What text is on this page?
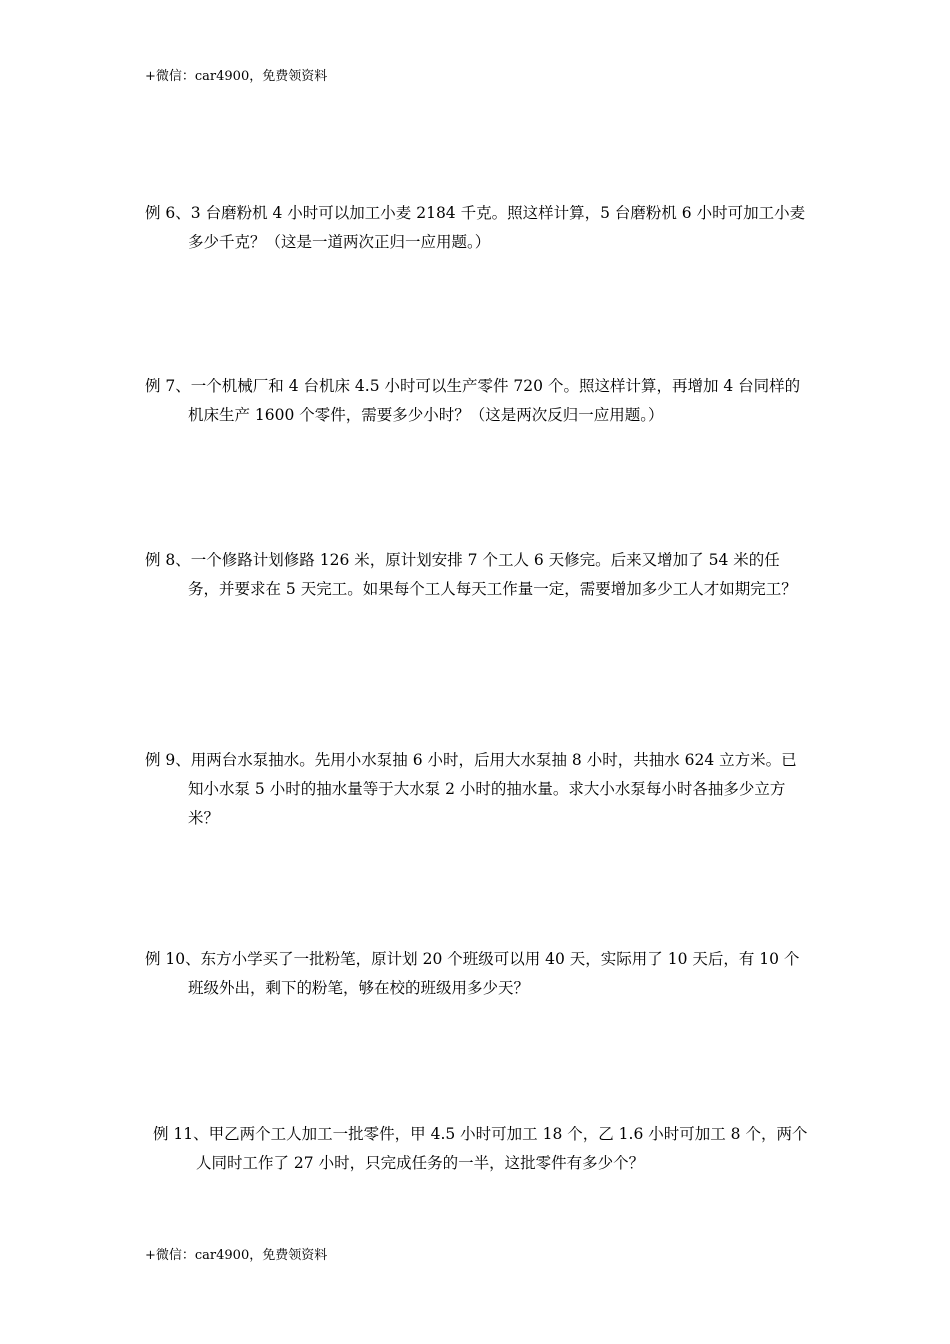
+微信：car4900，免费领资料
例 6、3 台磨粉机 4 小时可以加工小麦 2184 千克。照这样计算，5 台磨粉机 6 小时可加工小麦多少千克？（这是一道两次正归一应用题。）
例 7、一个机械厂和 4 台机床 4.5 小时可以生产零件 720 个。照这样计算，再增加 4 台同样的机床生产 1600 个零件，需要多少小时？（这是两次反归一应用题。）
例 8、一个修路计划修路 126 米，原计划安排 7 个工人 6 天修完。后来又增加了 54 米的任务，并要求在 5 天完工。如果每个工人每天工作量一定，需要增加多少工人才如期完工？
例 9、用两台水泵抽水。先用小水泵抽 6 小时，后用大水泵抽 8 小时，共抽水 624 立方米。已知小水泵 5 小时的抽水量等于大水泵 2 小时的抽水量。求大小水泵每小时各抽多少立方米？
例 10、东方小学买了一批粉笔，原计划 20 个班级可以用 40 天，实际用了 10 天后，有 10 个班级外出，剩下的粉笔，够在校的班级用多少天？
例 11、甲乙两个工人加工一批零件，甲 4.5 小时可加工 18 个，乙 1.6 小时可加工 8 个，两个人同时工作了 27 小时，只完成任务的一半，这批零件有多少个？
+微信：car4900，免费领资料
